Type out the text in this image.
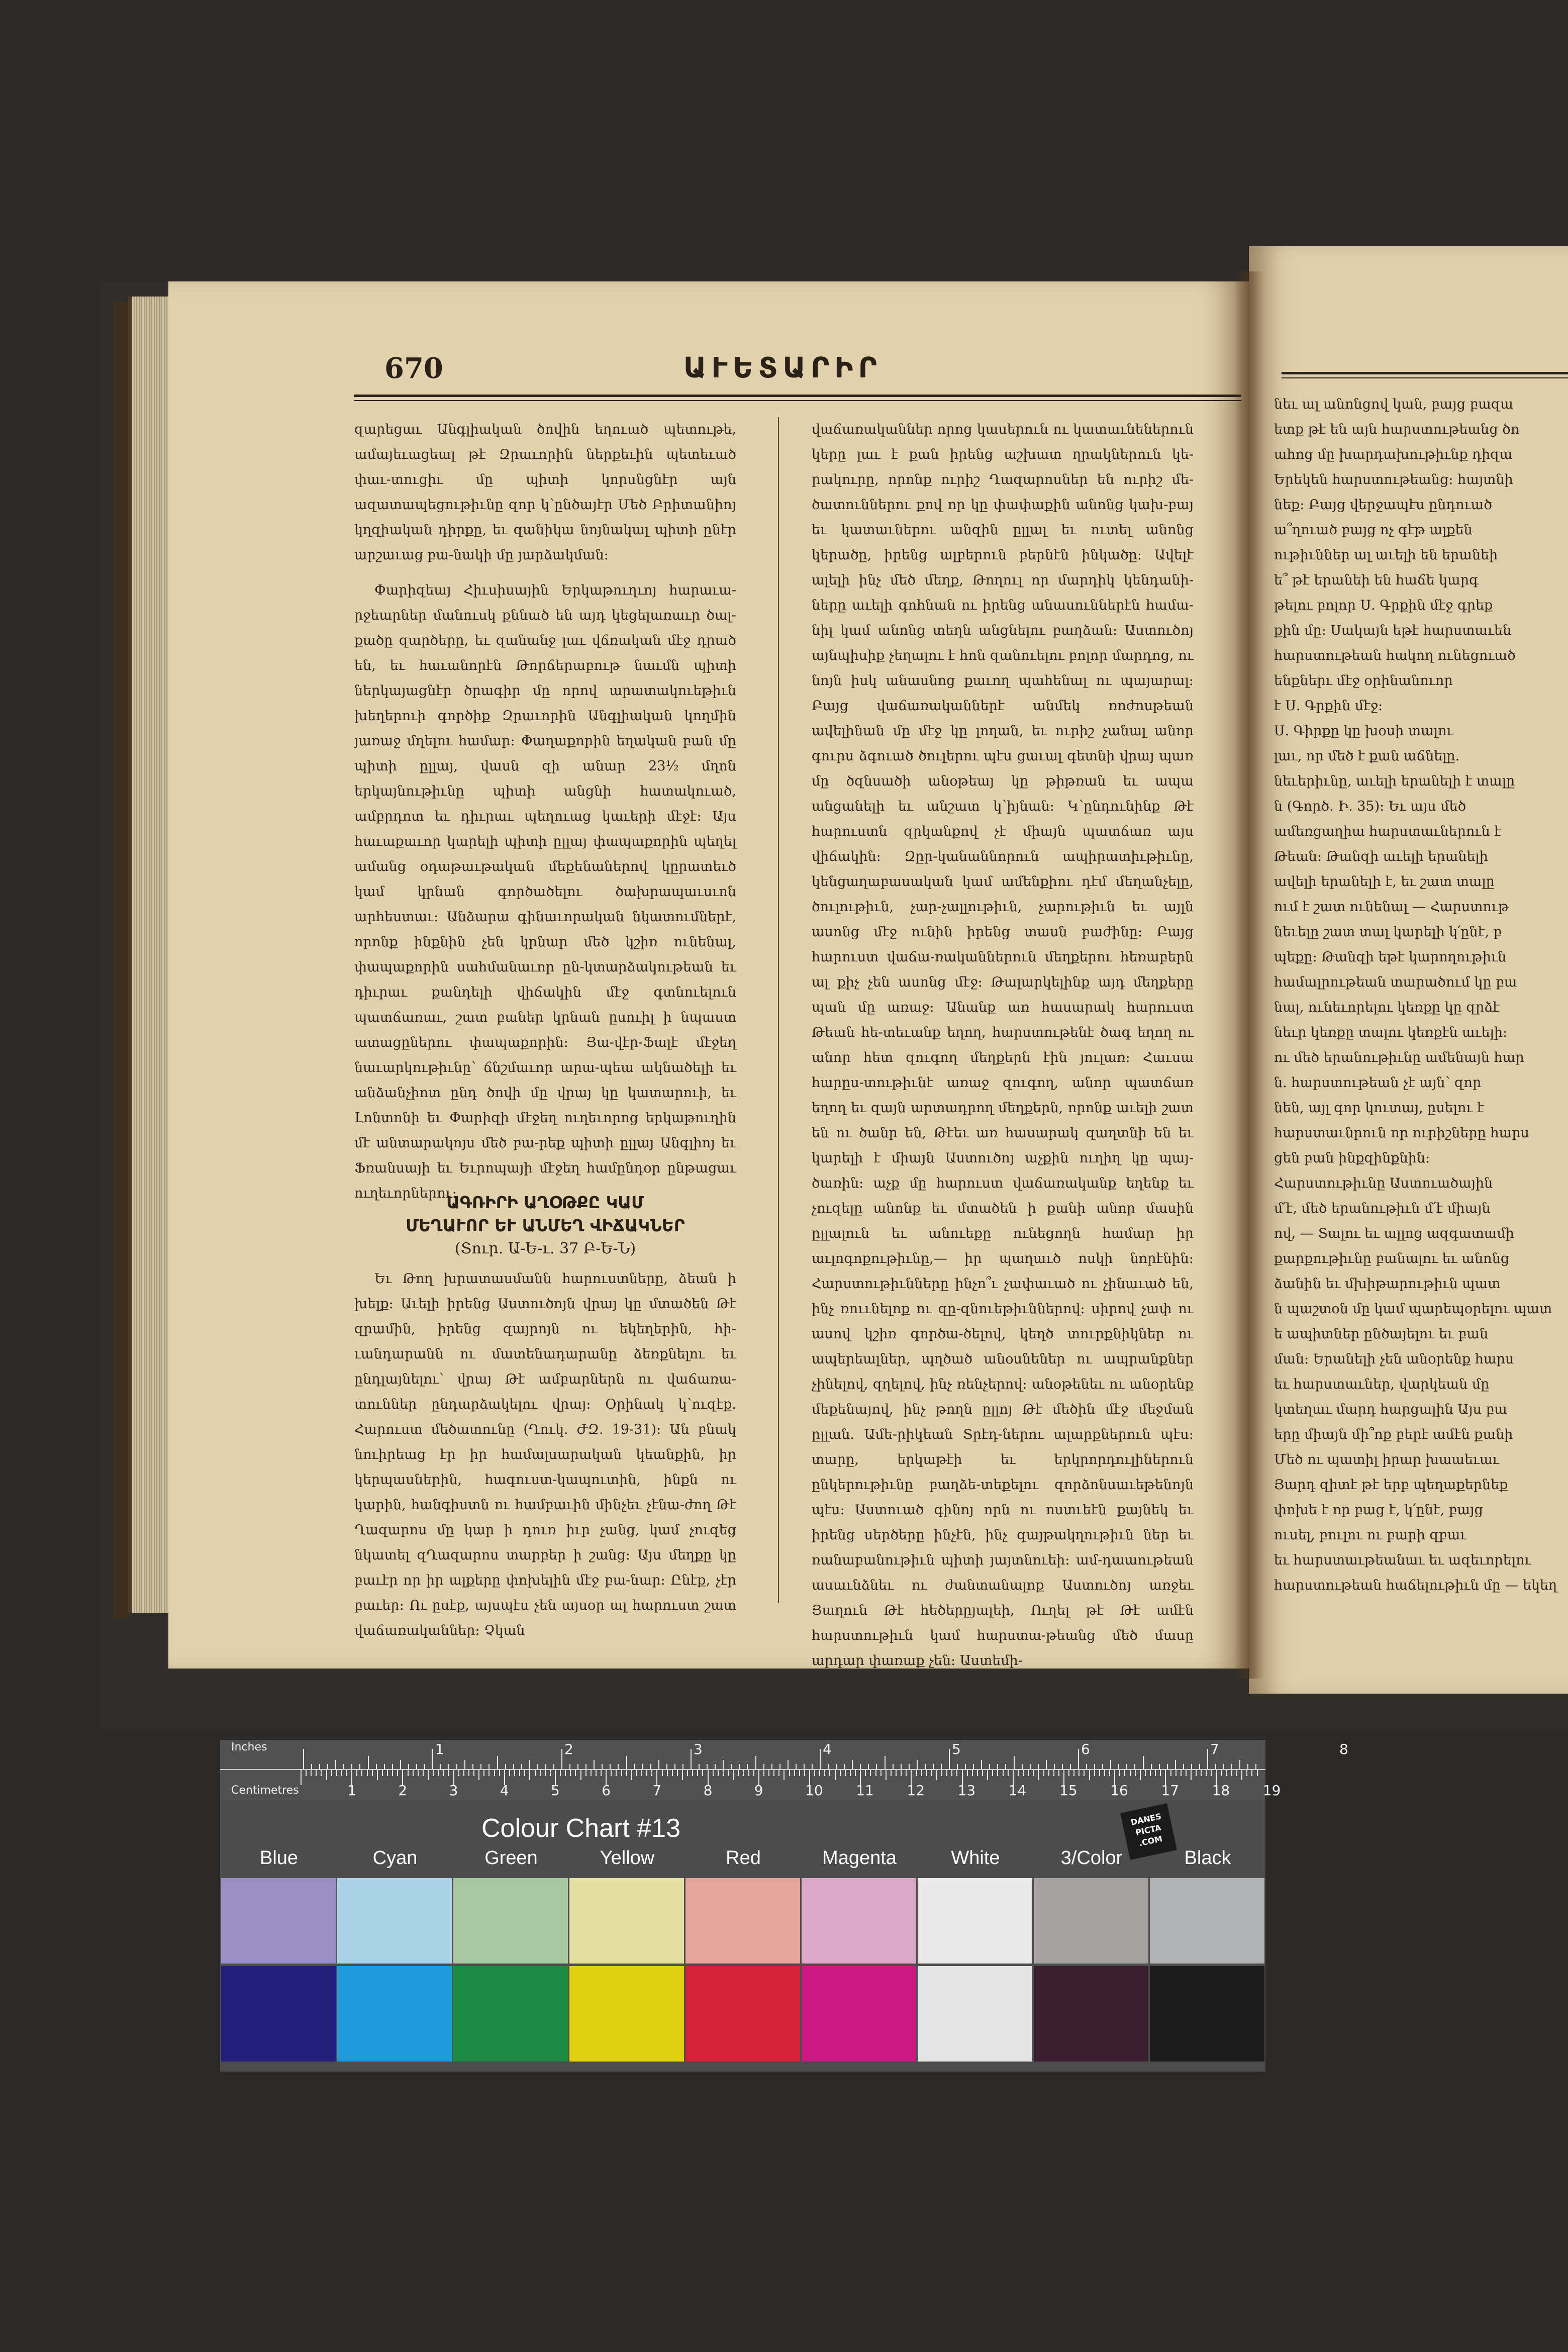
670	ԱՒԵՏԱՐԻՐ
զարեցաւ Անգլիական ծովին եղուած պետութե, ամայեւացեալ թէ Զրաւորին ներքեւին պետեւած փաւ-տուցիւ մը պիտի կորսնցնէր այն ազատապեցութիւնը զոր կ՝ընծայէր Մեծ Բրիտանիոյ կղզիական դիրքը, եւ զանիկա նոյնակալ պիտի ընէր արշաւաց բա-նակի մը յարձակման։
Փարիզեայ Հիւսիսային Երկաթուղւոյ հարաւա-րջեարներ մանուսկ քննած են այդ կեցելառաւր ծալ-քածը զարծերը, եւ զանանջ լաւ վճռական մէջ դրած են, եւ հաւանորէն Թորճերաբութ նաւմն պիտի ներկայացնէր ծրագիր մը որով արատակուեթիւն խեղերուի գործիք Զրաւորին Անգլիական կողմին յառաջ մղելու համար։ Փաղաքորին եղական բան մը պիտի ըլլայ, վասն զի անար 23½ մղոն երկայնութիւնը պիտի անցնի հատակուած, ամբրդոտ եւ դիւրաւ պեղուաց կաւերի մէջէ։ Այս հաւաքաւոր կարելի պիտի ըլլայ փապաքորին պեղել ամանց օդաթաւթական մեքենաներով կըրատեւծ կամ կրնան գործածելու ծախրապաւսւոն արհեստաւ։ Անձարա գինաւորական նկատումներէ, որոնք ինքնին չեն կրնար մեծ կշիռ ունենալ, փապաքորին սահմանաւոր ըն-կտարձակութեան եւ դիւրաւ քանդելի վիճակին մէջ գտնուելուն պատճառաւ, շատ բաներ կրնան ըսուիլ ի նպաստ ատացըներու փապաքորին։ Յա-վէր-Ֆալէ մէջեղ նաւարկութիւնը՝ ճնշմաւոր արա-պեա ակնածելի եւ անձանչիոտ ընդ ծովի մը վրայ կը կատարուի, եւ Լոնտոնի եւ Փարիզի մէջեղ ուղեւորոց երկաթուղին մէ անտարակոյս մեծ բա-րեք պիտի ըլլայ Անգլիոյ եւ Ֆռանսայի եւ Եւրոպայի մէջեղ համընդօր ընթացաւ ուղեւորներու։
ԱԳՌԻՐԻ ԱՂՕԹՔԸ ԿԱՄ
ՄԵՂԱՒՈՐ ԵՒ ԱՆՄԵՂ ՎԻՃԱԿՆԵՐ
(Տուր. Ա-Ե-ւ. 37 Բ-Ե-Ն)
Եւ Թող խրատասմանն հարուստները, ձեան ի խելք։ Աւելի իրենց Աստուծոյն վրայ կը մտածեն Թէ զրամին, իրենց զայրոյն ու եկեղերին, հի-ւանդարանն ու մատենադարանը ձեռքնելու եւ ընդլայնելու՝ վրայ Թէ ամբարներն ու վաճառա-տուններ ընդարձակելու վրայ։ Օրինակ կ՝ուզէք. Հարուստ մեծատունը (Ղուկ. ԺԶ. 19-31)։ Ան բնակ նուիրեաց էր իր համալսարական կեանքին, իր կերպասներին, հագուստ-կապուտին, ինքն ու կարին, հանգիստն ու համբաւին մինչեւ չէնա-ժող Թէ Ղազարոս մը կար ի դուռ իւր չանց, կամ չուզեց նկատել զՂազարոս տարբեր ի շանց։ Այս մեղքը կը բաւէր որ իր ալքերը փոխելին մէջ բա-նար։ Ընէք, չէր բաւեր։ Ու ըսէք, այսպէս չեն այսօր ալ հարուստ շատ վաճառականներ։ Չկան
վաճառականներ որոց կասերուն ու կատաւնեներուն կերը լաւ է քան իրենց աշխատ ղրակներուն կե-րակուրը, որոնք ուրիշ Ղազարոսներ են ուրիշ մե-ծատուններու քով որ կը փափաքին անոնց կախ-բայ եւ կատաւներու անզին ըլլալ եւ ուտել անոնց կերածը, իրենց ալբերուն բերնէն ինկածը։ Ավելէ ալելի ինչ մեծ մեղք, Թողուլ որ մարդիկ կենդանի-ները աւելի գոհնան ու իրենց անասուններէն համա-նիլ կամ անոնց տեղն անցնելու բաղձան։ Աստուծոյ այնպիսիք չեղալու է հոն զանուելու բոլոր մարդոց, ու նոյն իսկ անասնոց քաւող պահենալ ու պայարալ։ Բայց վաճառականներէ անմեկ ռոժոսթեան ավելինան մը մէջ կը լողան, եւ ուրիշ չանալ անոր գուրս ձգուած ծուլերու պէս ցաւալ գետնի վրայ պառ մը ծզնսածի անօթեայ կը թիթռան եւ ապա անցանելի եւ անշատ կ՝իյնան։ Կ՝ընդունինք Թէ հարուստն զրկանքով չէ միայն պատճառ այս վիճակին։ Զըր-կանաննորուն ապիրատիւթիւնը, կենցաղաբասական կամ ամենքիու դէմ մեղանչելը, ծուլութիւն, չար-չալլութիւն, չարութիւն եւ այլն ասոնց մէջ ունին իրենց տասն բաժինը։ Բայց հարուստ վաճա-ռականներուն մեղքերու հեռաբերն ալ քիչ չեն ասոնց մէջ։ Թալարկելինք այդ մեղքերը պան մը առաջ։ Անանք առ հասարակ հարուստ Թեան հե-տեւանք եղող, հարստութենէ ծագ եղող ու անոր հետ զուգող մեղքերն էին յուլառ։ Հաւսա հարըս-տութիւնէ առաջ զուգող, անոր պատճառ եղող եւ զայն արտադրող մեղքերն, որոնք աւելի շատ են ու ծանր են, Թէեւ առ հասարակ զաղտնի են եւ կարելի է միայն Աստուծոյ աչքին ուղիղ կը պայ-ծառին։ աչք մը հարուստ վաճառականք եղենք եւ չուզելը անոնք եւ մտածեն ի քանի անոր մասին ըլլալուն եւ անուեքը ունեցողն համար իր աւլոգոքութիւնը,— իր պաղաւծ ոսկի նորէնին։ Հարստութիւնները ինչո՞ւ չափաւած ու չինաւած են, ինչ ռոււնելոք ու զը-զնուեթիւններով։ սիրով չափ ու ասով կշիռ գործա-ծելով, կեղծ տուրքնիկներ ու ապերեալներ, պղծած անօսնեներ ու ապրանքներ չինելով, զղելով, ինչ ռենչերով։ անօթենեւ ու անօրենք մեքենայով, ինչ թողն ըլլոյ Թէ մեծին մէջ մեջման ըլլան. Ամե-րիկեան Տրէդ-ներու ալարքներուն պէս։ տարը, երկաթէի եւ երկրորդուլիներուն ընկերութիւնը բաղձե-տեքելու զորձոնսաւեթենոյն պէս։ Աստուած գինոյ որն ու ոստւեէն քայնեկ եւ իրենց սերծերը ինչէն, ինչ զայթակղութիւն ներ եւ ռանաբանութիւն պիտի յայտնուեի։ ամ-դաաութեան ասաւնձնեւ ու ժանտանալոք Աստուծոյ առջեւ Յաղուն Թէ հեծերըյալեի, Ուղել թէ Թէ ամէն հարստութիւն կամ հարստա-թեանց մեծ մասը արդար փառաք չեն։ Աստեմի-
նեւ ալ անոնցով կան, բայց բազա
ետք թէ են այն հարստութեանց ծո
ահոց մը խարդախութիւնք դիզա
Երեկեն հարստութեանց։ հայտնի
նեք։ Բայց վերջապէս ընդուած
ա՞ղուած բայց ոչ գէթ ալքեն
ութիւններ ալ աւելի են երանեի
ե՞ թէ երանեի են հաճե կարգ
թելու բոլոր Ս. Գրքին մէջ գրեք
քին մը։ Սակայն եթէ հարստաւեն
հարստութեան հակող ունեցուած
ենքներւ մէջ օրինանուոր
է Ս. Գրքին մէջ։
Ս. Գիրքը կը խօսի տալու
լաւ, որ մեծ է քան աճնելը.
նեւերիւնը, աւելի երանելի է տալը
ն (Գործ. Ի. 35)։ Եւ այս մեծ
ամեռցաղիա հարստաւներուն է
Թեան։ Թանզի աւելի երանելի
ավելի երանելի է, եւ շատ տալը
ում է շատ ունենալ — Հարստութ
նեւելը շատ տալ կարելի կ՛ընէ, բ
պեքը։ Թանզի եթէ կարողութիւն
համալրութեան տարածում կը բա
նալ, ունեւորելու կեռքը կը զրձէ
նեւր կեռքը տալու կեռքէն աւելի։
ու մեծ երանութիւնը ամենայն հար
ն. հարստութեան չէ այն՝ զոր
նեն, այլ գոր կուտայ, ըսելու է
հարստաւնրուն որ ուրիշները հարս
ցեն բան ինքզինքնին։
Հարստութիւնը Աստուածային
մ՛է, մեծ երանութիւն մ՛է միայն
ով, — Տալու եւ ալլոց ազգատամի
քարքութիւնը բանալու եւ անոնց
ձանին եւ մխիթարութիւն պատ
ն պաշտօն մը կամ պարեպօրելու պատ
ե ապիտներ ընծայելու եւ բան
ման։ Երանելի չեն անօրենք հարս
եւ հարստաւներ, վարկեան մը
կտեղաւ մարդ հարցալին Այս բա
երը միայն մի՞ոք բերէ ամէն քանի
Մեծ ու պատիլ իրար խաաեւաւ
Յարդ զիտէ թէ երբ պեղաքերնեք
փոխե է որ բաց է, կ՛ընէ, բայց
ուսել, բուլու ու բարի զբաւ
եւ հարստաւթեանաւ եւ ազեւորելու
հարստութեան հաճելութիւն մը — եկեղ
Inches	1	2	3	4	5	6	7	8
Centimetres	1	2	3	4	5	6	7	8	9	10 11 12 13 14 15 16 17 18 19
Colour Chart #13	DANES PICTA .COM
Blue	Cyan	Green	Yellow	Red	Magenta	White	3/Color	Black
